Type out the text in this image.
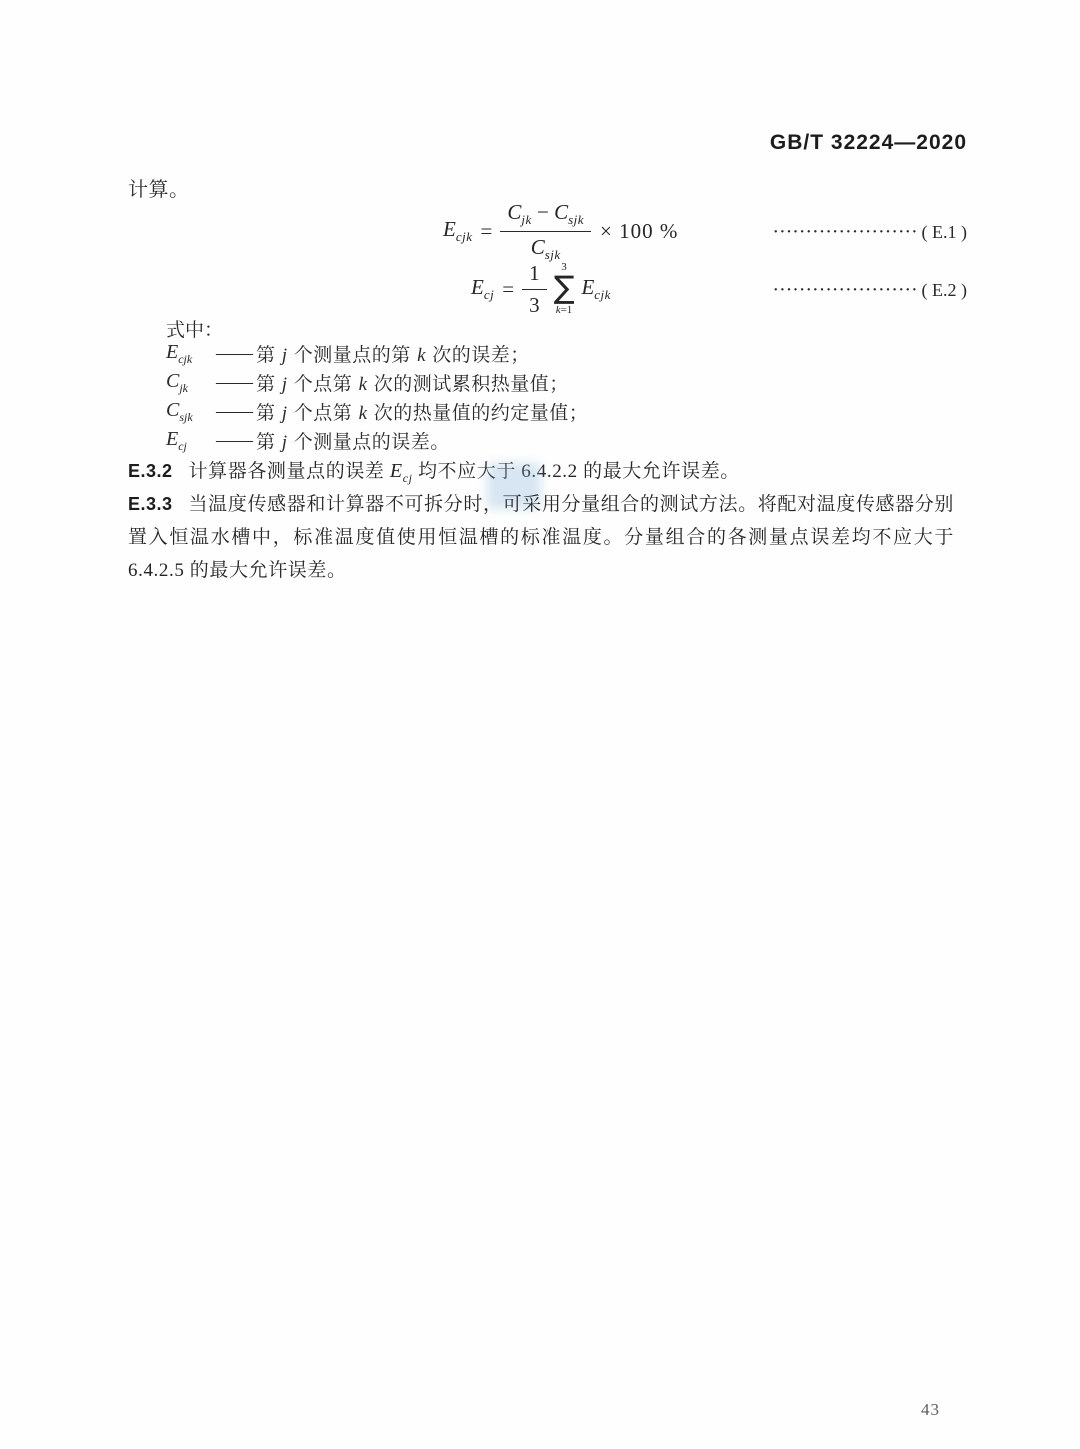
GB/T 32224—2020
计算。
$E_{cjk} = \frac{C_{jk} - C_{sjk}}{C_{sjk}} \times 100$ %	······················ ( E.1 )
$E_{cj} = \frac{1}{3} 3$
∑
k=1
$E_{cjk}$	······················ ( E.2 )
式中：
$E_{cjk}$	—— 第 j 个测量点的第 k 次的误差；
$C_{jk}$	—— 第 j 个点第 k 次的测试累积热量值；
$C_{sjk}$	—— 第 j 个点第 k 次的热量值的约定量值；
$E_{cj}$	—— 第 j 个测量点的误差。
E.3.2 计算器各测量点的误差 $E_{cj}$ 均不应大于 6.4.2.2 的最大允许误差。
E.3.3 当温度传感器和计算器不可拆分时，可采用分量组合的测试方法。将配对温度传感器分别置入恒温水槽中，标准温度值使用恒温槽的标准温度。分量组合的各测量点误差均不应大于 6.4.2.5 的最大允许误差。
43
